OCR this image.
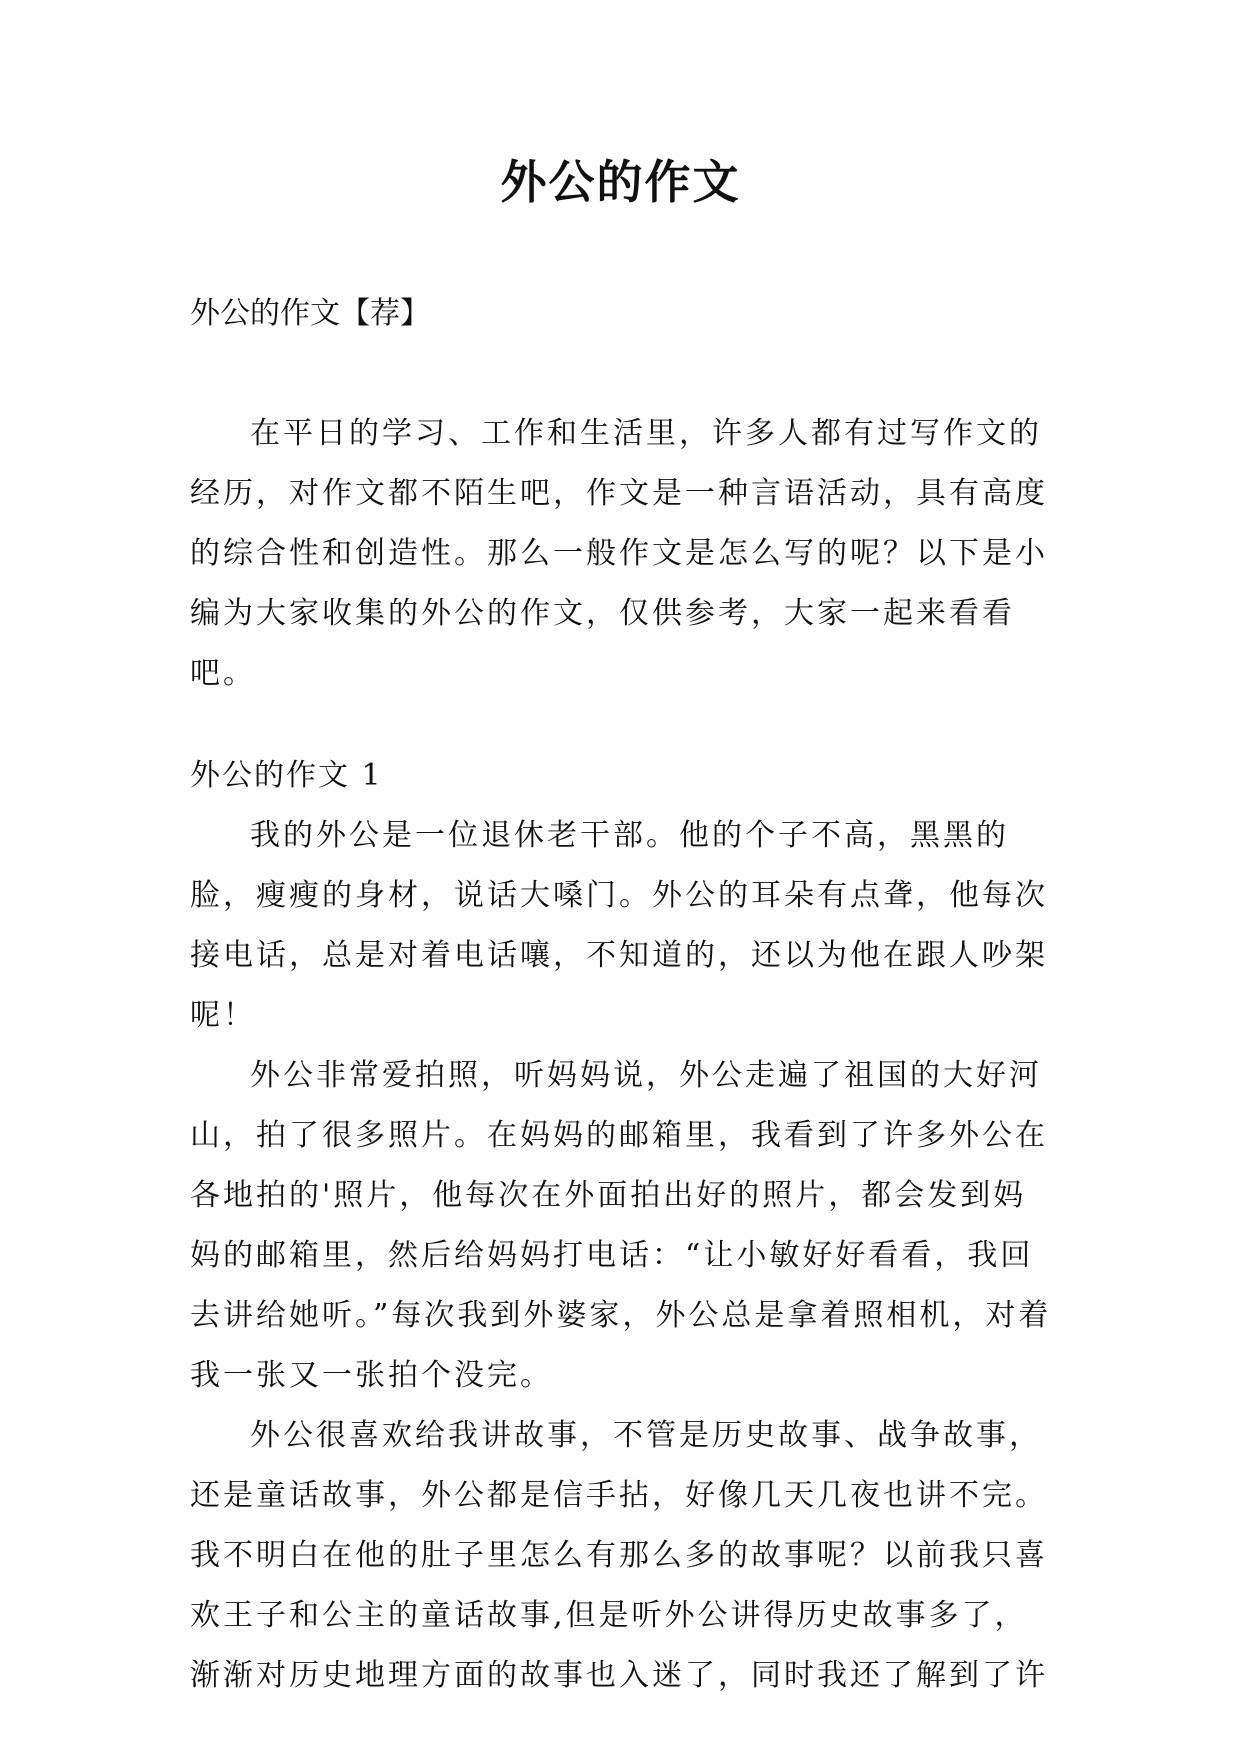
外公的作文
外公的作文【荐】

在平日的学习、工作和生活里，许多人都有过写作文的经历，对作文都不陌生吧，作文是一种言语活动，具有高度的综合性和创造性。那么一般作文是怎么写的呢？以下是小编为大家收集的外公的作文，仅供参考，大家一起来看看吧。

外公的作文 1

我的外公是一位退休老干部。他的个子不高，黑黑的脸，瘦瘦的身材，说话大嗓门。外公的耳朵有点聋，他每次接电话，总是对着电话嚷，不知道的，还以为他在跟人吵架呢！

外公非常爱拍照，听妈妈说，外公走遍了祖国的大好河山，拍了很多照片。在妈妈的邮箱里，我看到了许多外公在各地拍的'照片，他每次在外面拍出好的照片，都会发到妈妈的邮箱里，然后给妈妈打电话：“让小敏好好看看，我回去讲给她听。”每次我到外婆家，外公总是拿着照相机，对着我一张又一张拍个没完。

外公很喜欢给我讲故事，不管是历史故事、战争故事，还是童话故事，外公都是信手拈，好像几天几夜也讲不完。我不明白在他的肚子里怎么有那么多的故事呢？以前我只喜欢王子和公主的童话故事,但是听外公讲得历史故事多了，渐渐对历史地理方面的故事也入迷了，同时我还了解到了许
